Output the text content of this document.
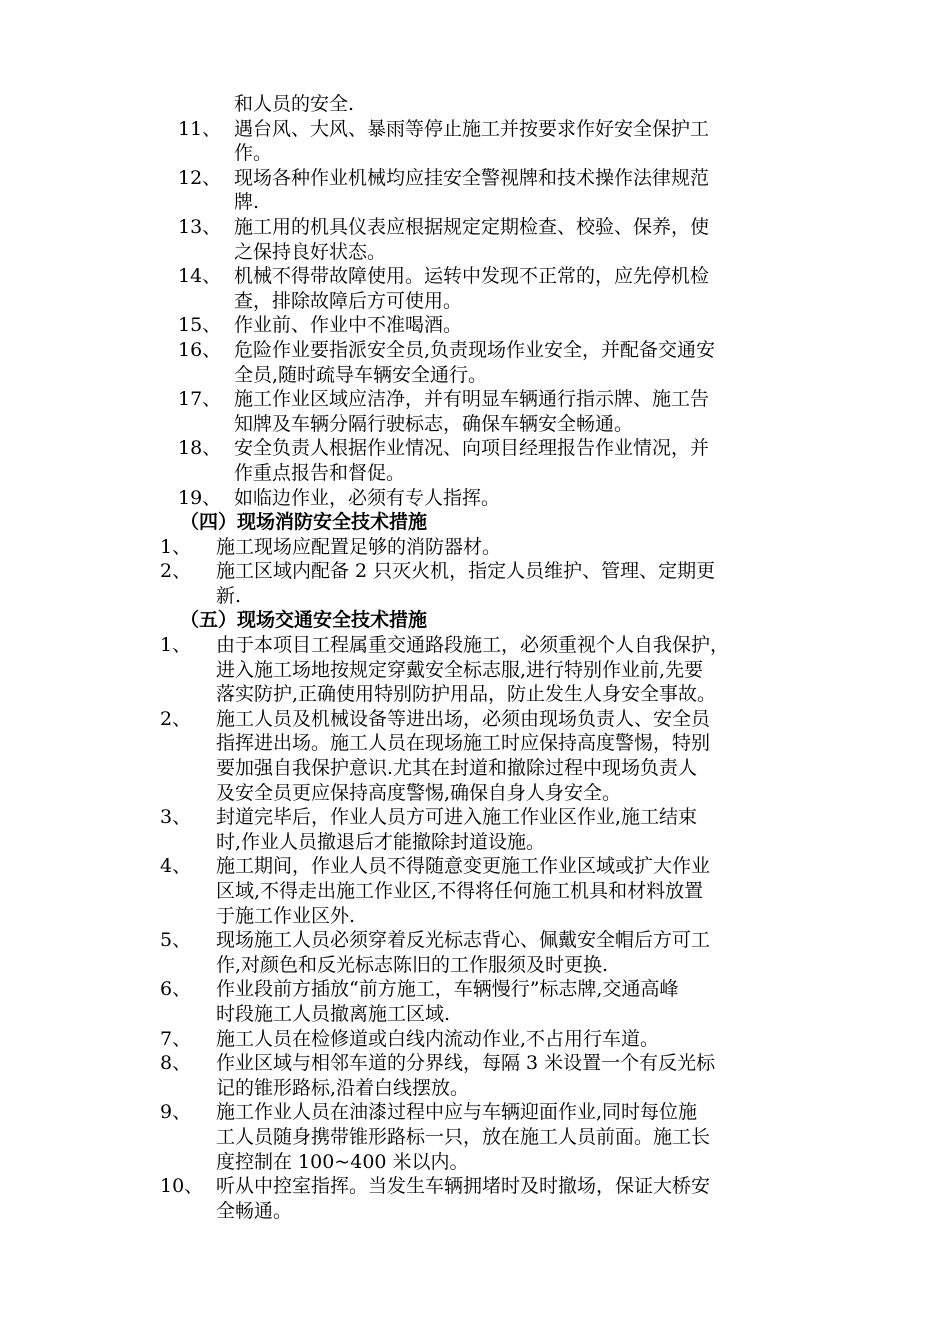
和人员的安全.
11、 遇台风、大风、暴雨等停止施工并按要求作好安全保护工
作。
12、 现场各种作业机械均应挂安全警视牌和技术操作法律规范
牌.
13、 施工用的机具仪表应根据规定定期检查、校验、保养，使
之保持良好状态。
14、 机械不得带故障使用。运转中发现不正常的，应先停机检
查，排除故障后方可使用。
15、 作业前、作业中不准喝酒。
16、 危险作业要指派安全员,负责现场作业安全，并配备交通安
全员,随时疏导车辆安全通行。
17、 施工作业区域应洁净，并有明显车辆通行指示牌、施工告
知牌及车辆分隔行驶标志，确保车辆安全畅通。
18、 安全负责人根据作业情况、向项目经理报告作业情况，并
作重点报告和督促。
19、 如临边作业，必须有专人指挥。
（四）现场消防安全技术措施
1、	施工现场应配置足够的消防器材。
2、	施工区域内配备 2 只灭火机，指定人员维护、管理、定期更
新.
（五）现场交通安全技术措施
1、	由于本项目工程属重交通路段施工，必须重视个人自我保护，
进入施工场地按规定穿戴安全标志服,进行特别作业前,先要
落实防护,正确使用特别防护用品，防止发生人身安全事故。
2、	施工人员及机械设备等进出场，必须由现场负责人、安全员
指挥进出场。施工人员在现场施工时应保持高度警惕，特别
要加强自我保护意识.尤其在封道和撤除过程中现场负责人
及安全员更应保持高度警惕,确保自身人身安全。
3、	封道完毕后，作业人员方可进入施工作业区作业,施工结束
时,作业人员撤退后才能撤除封道设施。
4、	施工期间，作业人员不得随意变更施工作业区域或扩大作业
区域,不得走出施工作业区,不得将任何施工机具和材料放置
于施工作业区外.
5、	现场施工人员必须穿着反光标志背心、佩戴安全帽后方可工
作,对颜色和反光标志陈旧的工作服须及时更换.
6、	作业段前方插放“前方施工，车辆慢行”标志牌,交通高峰
时段施工人员撤离施工区域.
7、	施工人员在检修道或白线内流动作业,不占用行车道。
8、	作业区域与相邻车道的分界线，每隔 3 米设置一个有反光标
记的锥形路标,沿着白线摆放。
9、	施工作业人员在油漆过程中应与车辆迎面作业,同时每位施
工人员随身携带锥形路标一只，放在施工人员前面。施工长
度控制在 100~400 米以内。
10、 听从中控室指挥。当发生车辆拥堵时及时撤场，保证大桥安
全畅通。
